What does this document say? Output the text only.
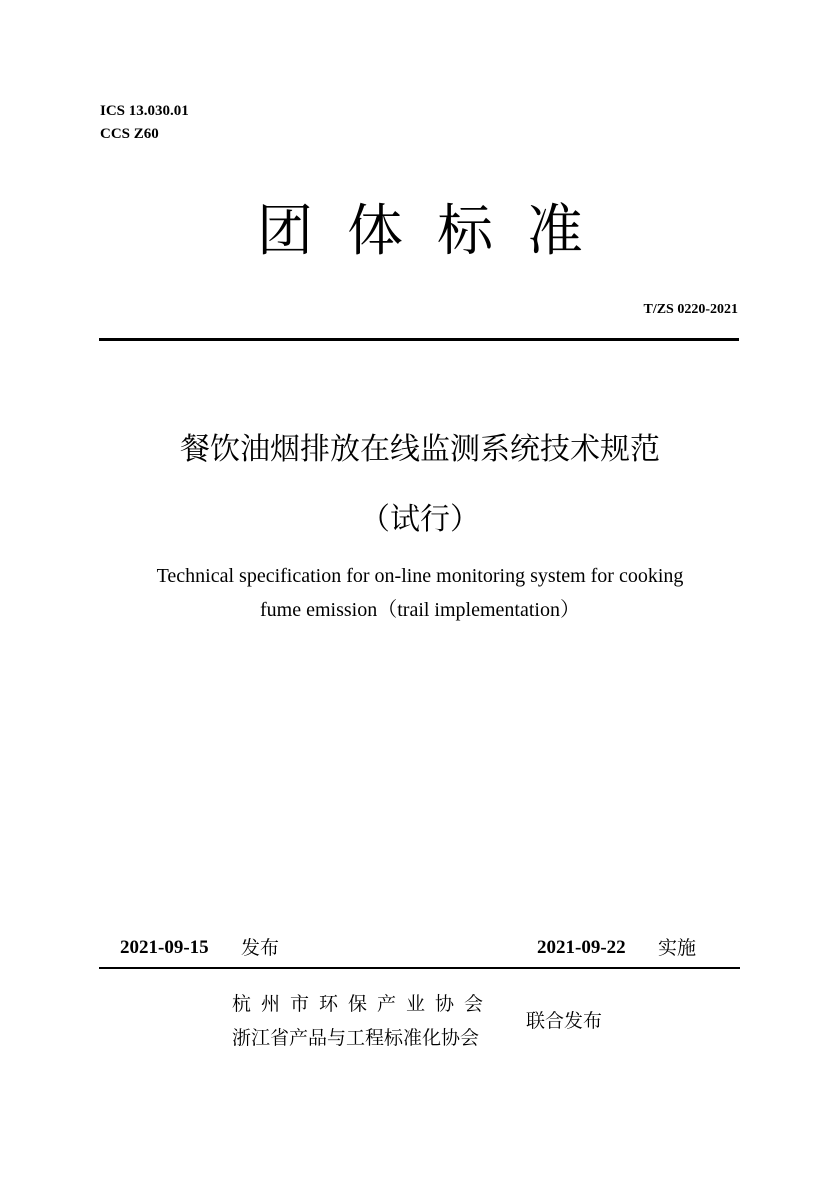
ICS 13.030.01
CCS Z60
团体标准
T/ZS 0220-2021
餐饮油烟排放在线监测系统技术规范
（试行）
Technical specification for on-line monitoring system for cooking
fume emission（trail implementation）
2021-09-15 发布	2021-09-22 实施
杭州市环保产业协会
浙江省产品与工程标准化协会
联合发布
